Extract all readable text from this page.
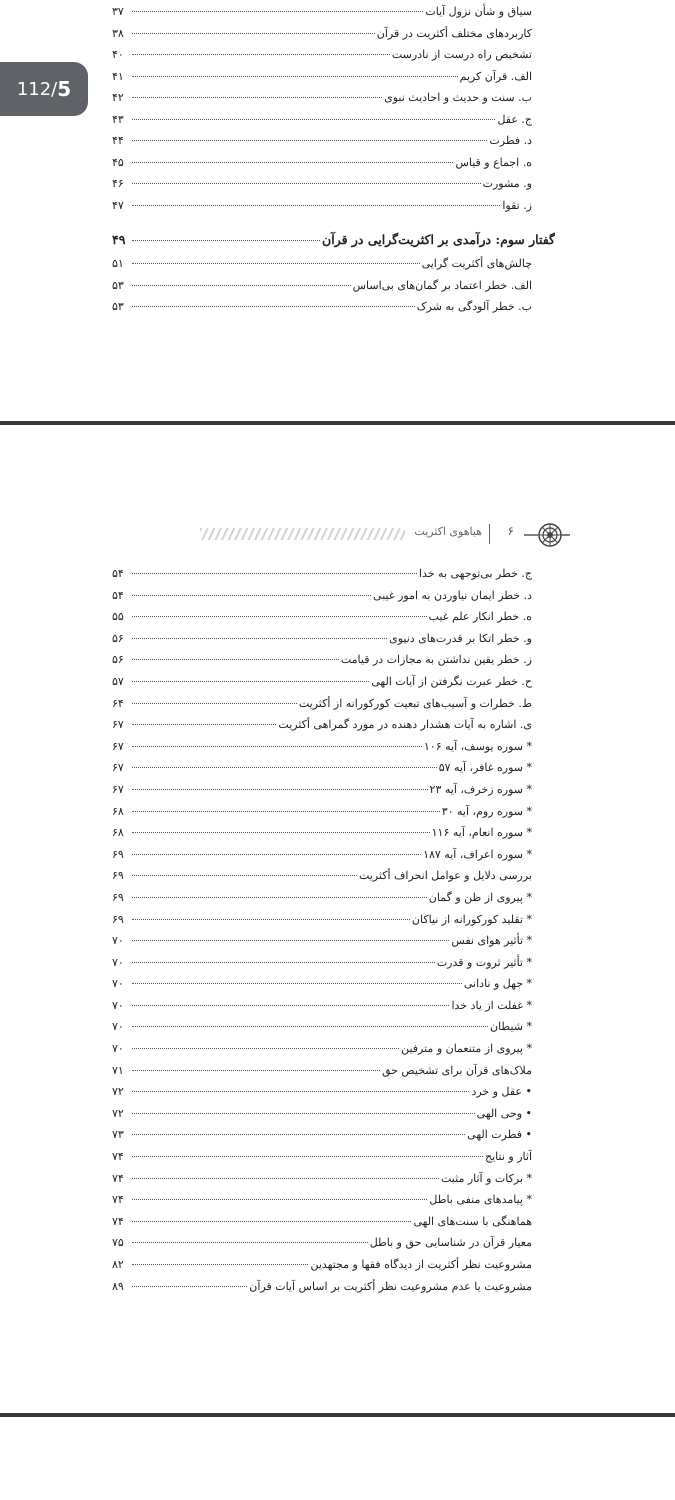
سیاق و شأن نزول آیات
۳۷
کاربردهای مختلف أکثریت در قرآن
۳۸
تشخیص راه درست از نادرست
۴۰
الف. قرآن کریم
۴۱
ب. سنت و حدیث و احادیث نبوی
۴۲
ج. عقل
۴۳
د. فطرت
۴۴
ه. اجماع و قیاس
۴۵
و. مشورت
۴۶
ز. تقوا
۴۷
گفتار سوم: درآمدی بر اکثریت‌گرایی در قرآن
۴۹
چالش‌های أکثریت گرایی
۵۱
الف. خطر اعتماد بر گمان‌های بی‌اساس
۵۳
ب. خطر آلودگی به شرک
۵۳
112/ 5
۶
هیاهوی اکثریت
ج. خطر بی‌توجهی به خدا
۵۴
د. خطر ایمان نیاوردن به امور غیبی
۵۴
ه. خطر انکار علم غیب
۵۵
و. خطر اتکا بر قدرت‌های دنیوی
۵۶
ز. خطر یقین نداشتن به مجازات در قیامت
۵۶
ح. خطر عبرت نگرفتن از آیات الهی
۵۷
ط. خطرات و آسیب‌های تبعیت کورکورانه از أکثریت
۶۴
ی. اشاره به آیات هشدار دهنده در مورد گمراهی أکثریت
۶۷
* سوره یوسف، آیه ۱۰۶
۶۷
* سوره غافر، آیه ۵۷
۶۷
* سوره زخرف، آیه ۲۳
۶۷
* سوره روم، آیه ۳۰
۶۸
* سوره انعام، آیه ۱۱۶
۶۸
* سوره اعراف، آیه ۱۸۷
۶۹
بررسی دلایل و عوامل انحراف أکثریت
۶۹
* پیروی از ظن و گمان
۶۹
* تقلید کورکورانه از نیاکان
۶۹
* تأثیر هوای نفس
۷۰
* تأثیر ثروت و قدرت
۷۰
* جهل و نادانی
۷۰
* غفلت از یاد خدا
۷۰
* شیطان
۷۰
* پیروی از متنعمان و مترفین
۷۰
ملاک‌های قرآن برای تشخیص حق
۷۱
• عقل و خرد
۷۲
• وحی الهی
۷۲
• فطرت الهی
۷۳
آثار و نتایج
۷۴
* برکات و آثار مثبت
۷۴
* پیامدهای منفی باطل
۷۴
هماهنگی با سنت‌های الهی
۷۴
معیار قرآن در شناسایی حق و باطل
۷۵
مشروعیت نظر أکثریت از دیدگاه فقها و مجتهدین
۸۲
مشروعیت یا عدم مشروعیت نظر أکثریت بر اساس آیات قرآن
۸۹
